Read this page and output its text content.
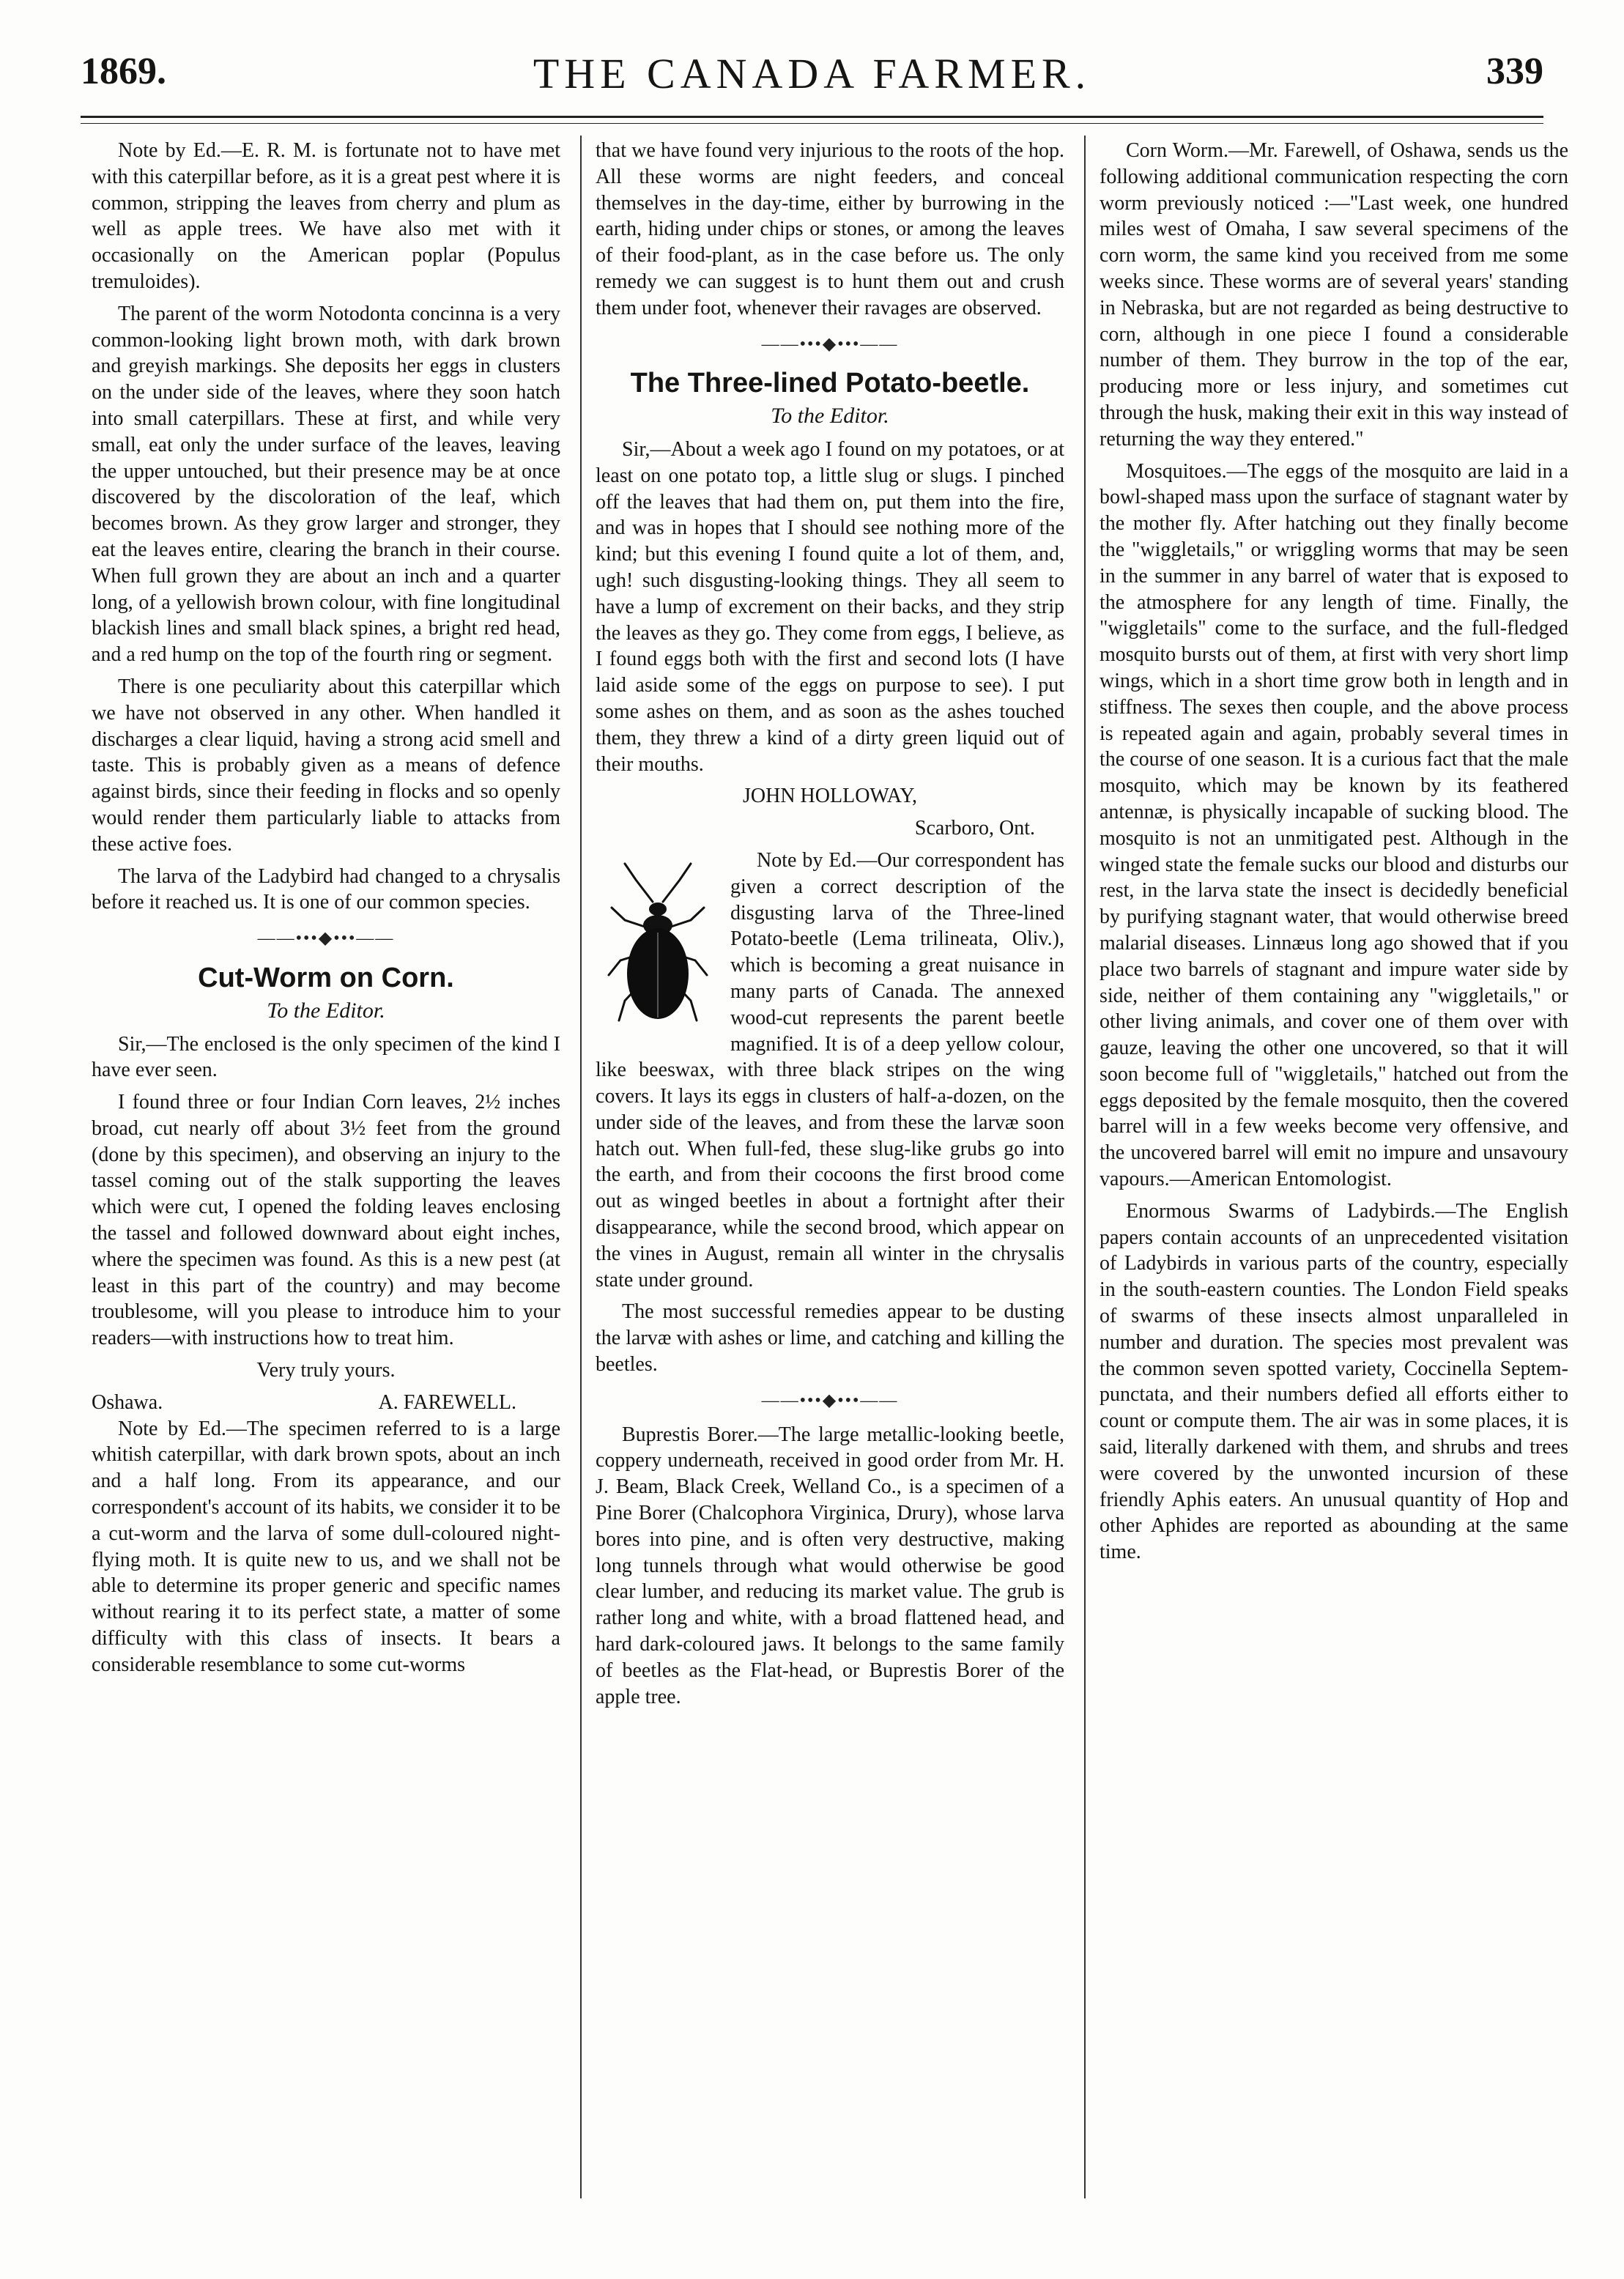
1869.	THE CANADA FARMER.	339

Note by Ed.—E. R. M. is fortunate not to have met with this caterpillar before, as it is a great pest where it is common, stripping the leaves from cherry and plum as well as apple trees. We have also met with it occasionally on the American poplar (Populus tremuloides).

The parent of the worm Notodonta concinna is a very common-looking light brown moth, with dark brown and greyish markings. She deposits her eggs in clusters on the under side of the leaves, where they soon hatch into small caterpillars. These at first, and while very small, eat only the under surface of the leaves, leaving the upper untouched, but their presence may be at once discovered by the discoloration of the leaf, which becomes brown. As they grow larger and stronger, they eat the leaves entire, clearing the branch in their course. When full grown they are about an inch and a quarter long, of a yellowish brown colour, with fine longitudinal blackish lines and small black spines, a bright red head, and a red hump on the top of the fourth ring or segment.

There is one peculiarity about this caterpillar which we have not observed in any other. When handled it discharges a clear liquid, having a strong acid smell and taste. This is probably given as a means of defence against birds, since their feeding in flocks and so openly would render them particularly liable to attacks from these active foes.

The larva of the Ladybird had changed to a chrysalis before it reached us. It is one of our common species.

——•••◆•••——
Cut-Worm on Corn.
To the Editor.

Sir,—The enclosed is the only specimen of the kind I have ever seen.

I found three or four Indian Corn leaves, 2½ inches broad, cut nearly off about 3½ feet from the ground (done by this specimen), and observing an injury to the tassel coming out of the stalk supporting the leaves which were cut, I opened the folding leaves enclosing the tassel and followed downward about eight inches, where the specimen was found. As this is a new pest (at least in this part of the country) and may become troublesome, will you please to introduce him to your readers—with instructions how to treat him.

Very truly yours.

Oshawa.	A. FAREWELL.

Note by Ed.—The specimen referred to is a large whitish caterpillar, with dark brown spots, about an inch and a half long. From its appearance, and our correspondent's account of its habits, we consider it to be a cut-worm and the larva of some dull-coloured night-flying moth. It is quite new to us, and we shall not be able to determine its proper generic and specific names without rearing it to its perfect state, a matter of some difficulty with this class of insects. It bears a considerable resemblance to some cut-worms

that we have found very injurious to the roots of the hop. All these worms are night feeders, and conceal themselves in the day-time, either by burrowing in the earth, hiding under chips or stones, or among the leaves of their food-plant, as in the case before us. The only remedy we can suggest is to hunt them out and crush them under foot, whenever their ravages are observed.

——•••◆•••——
The Three-lined Potato-beetle.
To the Editor.

Sir,—About a week ago I found on my potatoes, or at least on one potato top, a little slug or slugs. I pinched off the leaves that had them on, put them into the fire, and was in hopes that I should see nothing more of the kind; but this evening I found quite a lot of them, and, ugh! such disgusting-looking things. They all seem to have a lump of excrement on their backs, and they strip the leaves as they go. They come from eggs, I believe, as I found eggs both with the first and second lots (I have laid aside some of the eggs on purpose to see). I put some ashes on them, and as soon as the ashes touched them, they threw a kind of a dirty green liquid out of their mouths.

JOHN HOLLOWAY,

Scarboro, Ont.

Note by Ed.—Our correspondent has given a correct description of the disgusting larva of the Three-lined Potato-beetle (Lema trilineata, Oliv.), which is becoming a great nuisance in many parts of Canada. The annexed wood-cut represents the parent beetle magnified. It is of a deep yellow colour, like beeswax, with three black stripes on the wing covers. It lays its eggs in clusters of half-a-dozen, on the under side of the leaves, and from these the larvæ soon hatch out. When full-fed, these slug-like grubs go into the earth, and from their cocoons the first brood come out as winged beetles in about a fortnight after their disappearance, while the second brood, which appear on the vines in August, remain all winter in the chrysalis state under ground.

The most successful remedies appear to be dusting the larvæ with ashes or lime, and catching and killing the beetles.

——•••◆•••——

Buprestis Borer.—The large metallic-looking beetle, coppery underneath, received in good order from Mr. H. J. Beam, Black Creek, Welland Co., is a specimen of a Pine Borer (Chalcophora Virginica, Drury), whose larva bores into pine, and is often very destructive, making long tunnels through what would otherwise be good clear lumber, and reducing its market value. The grub is rather long and white, with a broad flattened head, and hard dark-coloured jaws. It belongs to the same family of beetles as the Flat-head, or Buprestis Borer of the apple tree.

Corn Worm.—Mr. Farewell, of Oshawa, sends us the following additional communication respecting the corn worm previously noticed :—"Last week, one hundred miles west of Omaha, I saw several specimens of the corn worm, the same kind you received from me some weeks since. These worms are of several years' standing in Nebraska, but are not regarded as being destructive to corn, although in one piece I found a considerable number of them. They burrow in the top of the ear, producing more or less injury, and sometimes cut through the husk, making their exit in this way instead of returning the way they entered."

Mosquitoes.—The eggs of the mosquito are laid in a bowl-shaped mass upon the surface of stagnant water by the mother fly. After hatching out they finally become the "wiggletails," or wriggling worms that may be seen in the summer in any barrel of water that is exposed to the atmosphere for any length of time. Finally, the "wiggletails" come to the surface, and the full-fledged mosquito bursts out of them, at first with very short limp wings, which in a short time grow both in length and in stiffness. The sexes then couple, and the above process is repeated again and again, probably several times in the course of one season. It is a curious fact that the male mosquito, which may be known by its feathered antennæ, is physically incapable of sucking blood. The mosquito is not an unmitigated pest. Although in the winged state the female sucks our blood and disturbs our rest, in the larva state the insect is decidedly beneficial by purifying stagnant water, that would otherwise breed malarial diseases. Linnæus long ago showed that if you place two barrels of stagnant and impure water side by side, neither of them containing any "wiggletails," or other living animals, and cover one of them over with gauze, leaving the other one uncovered, so that it will soon become full of "wiggletails," hatched out from the eggs deposited by the female mosquito, then the covered barrel will in a few weeks become very offensive, and the uncovered barrel will emit no impure and unsavoury vapours.—American Entomologist.

Enormous Swarms of Ladybirds.—The English papers contain accounts of an unprecedented visitation of Ladybirds in various parts of the country, especially in the south-eastern counties. The London Field speaks of swarms of these insects almost unparalleled in number and duration. The species most prevalent was the common seven spotted variety, Coccinella Septem-punctata, and their numbers defied all efforts either to count or compute them. The air was in some places, it is said, literally darkened with them, and shrubs and trees were covered by the unwonted incursion of these friendly Aphis eaters. An unusual quantity of Hop and other Aphides are reported as abounding at the same time.
